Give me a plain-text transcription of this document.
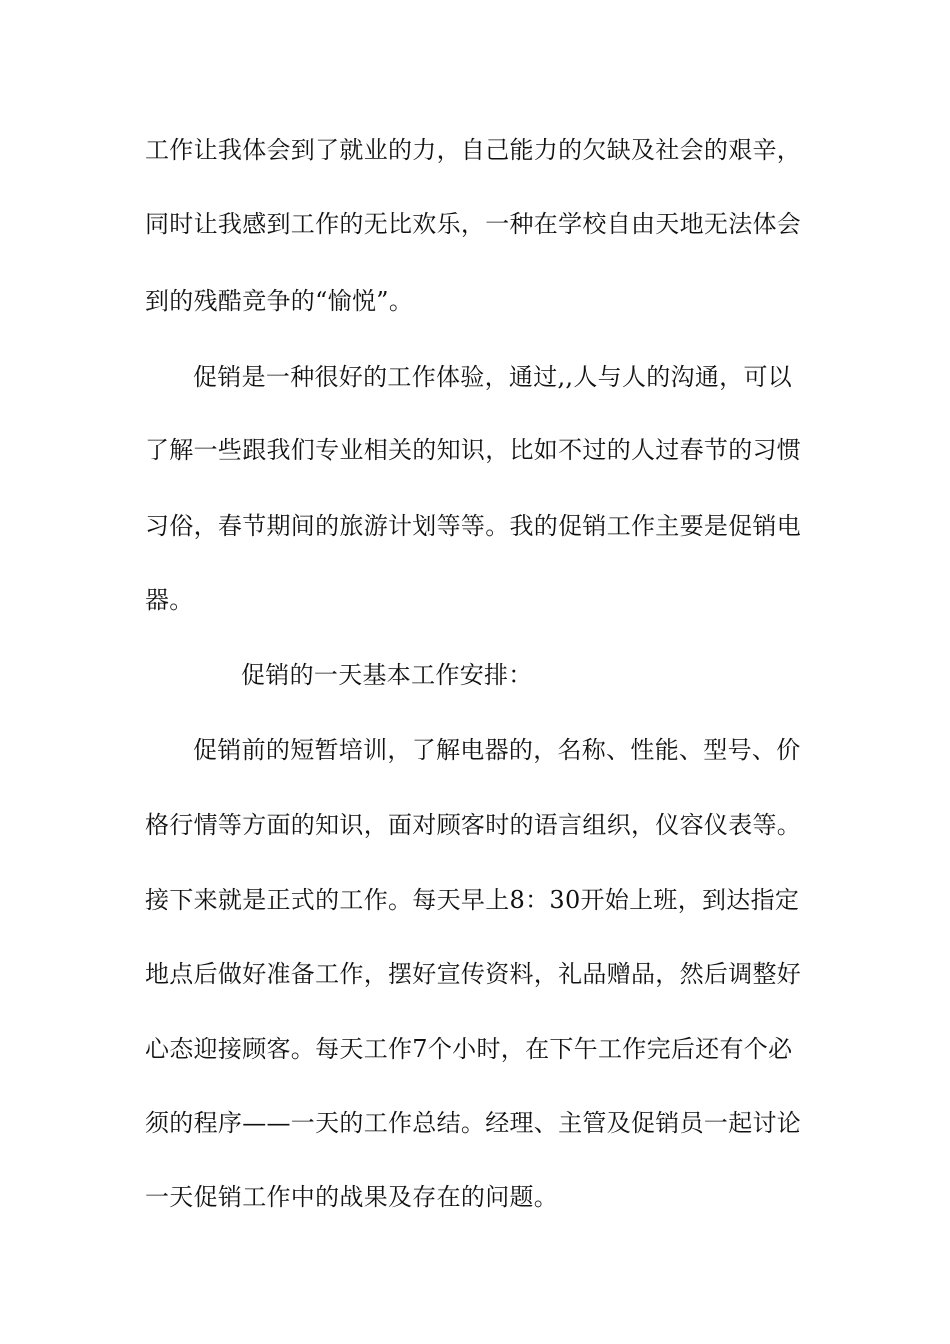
工作让我体会到了就业的力，自己能力的欠缺及社会的艰辛，
同时让我感到工作的无比欢乐，一种在学校自由天地无法体会
到的残酷竞争的“愉悦”。
促销是一种很好的工作体验，通过,,人与人的沟通，可以
了解一些跟我们专业相关的知识，比如不过的人过春节的习惯
习俗，春节期间的旅游计划等等。我的促销工作主要是促销电
器。
促销的一天基本工作安排：
促销前的短暂培训，了解电器的，名称、性能、型号、价
格行情等方面的知识，面对顾客时的语言组织，仪容仪表等。
接下来就是正式的工作。每天早上8：30开始上班，到达指定
地点后做好准备工作，摆好宣传资料，礼品赠品，然后调整好
心态迎接顾客。每天工作7个小时，在下午工作完后还有个必
须的程序——一天的工作总结。经理、主管及促销员一起讨论
一天促销工作中的战果及存在的问题。
